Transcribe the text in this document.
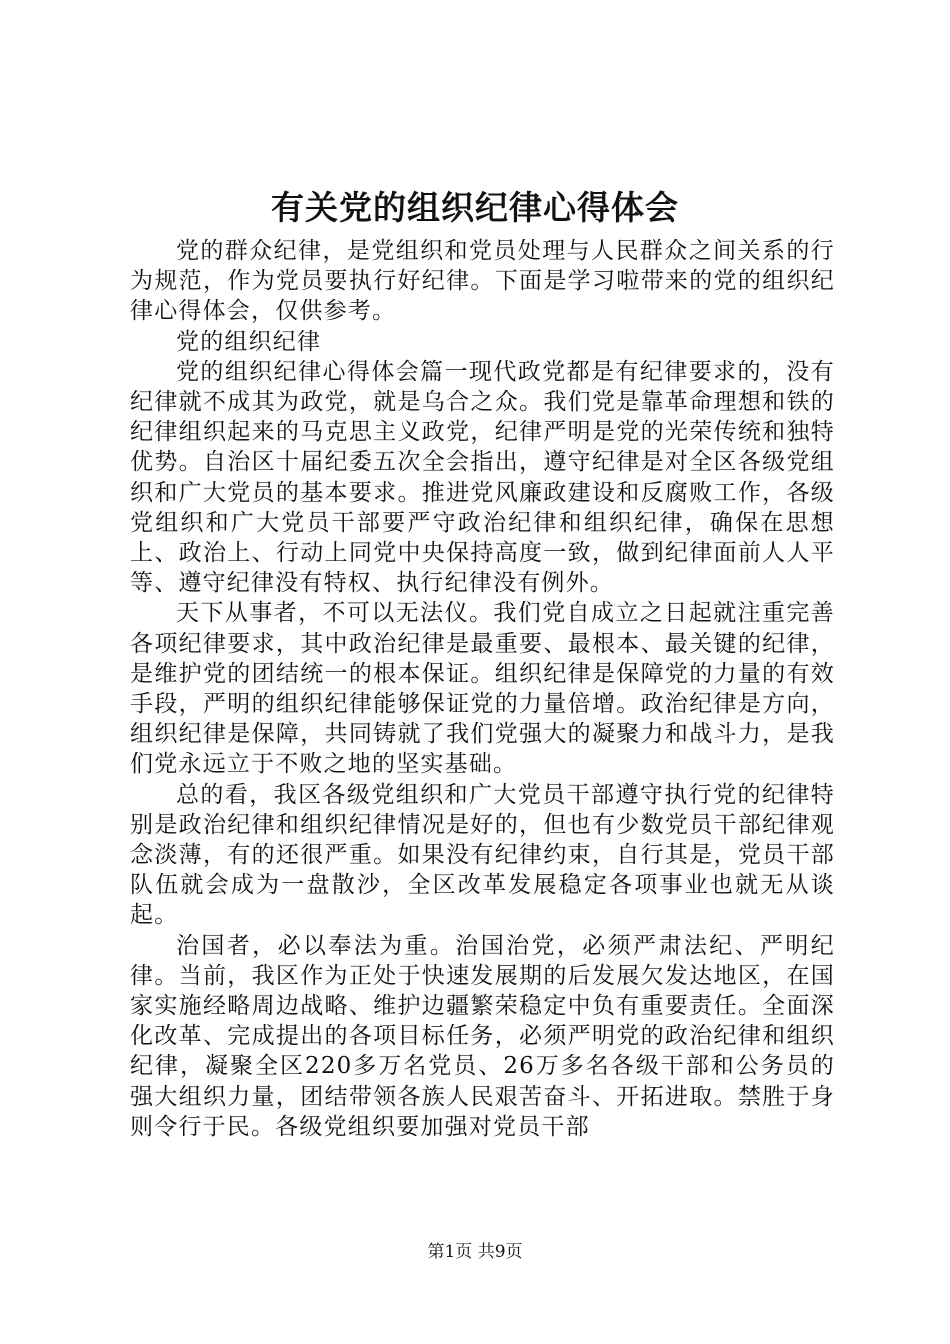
有关党的组织纪律心得体会

党的群众纪律，是党组织和党员处理与人民群众之间关系的行为规范，作为党员要执行好纪律。下面是学习啦带来的党的组织纪律心得体会，仅供参考。

党的组织纪律

党的组织纪律心得体会篇一现代政党都是有纪律要求的，没有纪律就不成其为政党，就是乌合之众。我们党是靠革命理想和铁的纪律组织起来的马克思主义政党，纪律严明是党的光荣传统和独特优势。自治区十届纪委五次全会指出，遵守纪律是对全区各级党组织和广大党员的基本要求。推进党风廉政建设和反腐败工作，各级党组织和广大党员干部要严守政治纪律和组织纪律，确保在思想上、政治上、行动上同党中央保持高度一致，做到纪律面前人人平等、遵守纪律没有特权、执行纪律没有例外。

天下从事者，不可以无法仪。我们党自成立之日起就注重完善各项纪律要求，其中政治纪律是最重要、最根本、最关键的纪律，是维护党的团结统一的根本保证。组织纪律是保障党的力量的有效手段，严明的组织纪律能够保证党的力量倍增。政治纪律是方向，组织纪律是保障，共同铸就了我们党强大的凝聚力和战斗力，是我们党永远立于不败之地的坚实基础。

总的看，我区各级党组织和广大党员干部遵守执行党的纪律特别是政治纪律和组织纪律情况是好的，但也有少数党员干部纪律观念淡薄，有的还很严重。如果没有纪律约束，自行其是，党员干部队伍就会成为一盘散沙，全区改革发展稳定各项事业也就无从谈起。

治国者，必以奉法为重。治国治党，必须严肃法纪、严明纪律。当前，我区作为正处于快速发展期的后发展欠发达地区，在国家实施经略周边战略、维护边疆繁荣稳定中负有重要责任。全面深化改革、完成提出的各项目标任务，必须严明党的政治纪律和组织纪律，凝聚全区220多万名党员、26万多名各级干部和公务员的强大组织力量，团结带领各族人民艰苦奋斗、开拓进取。禁胜于身则令行于民。各级党组织要加强对党员干部

第1页 共9页
